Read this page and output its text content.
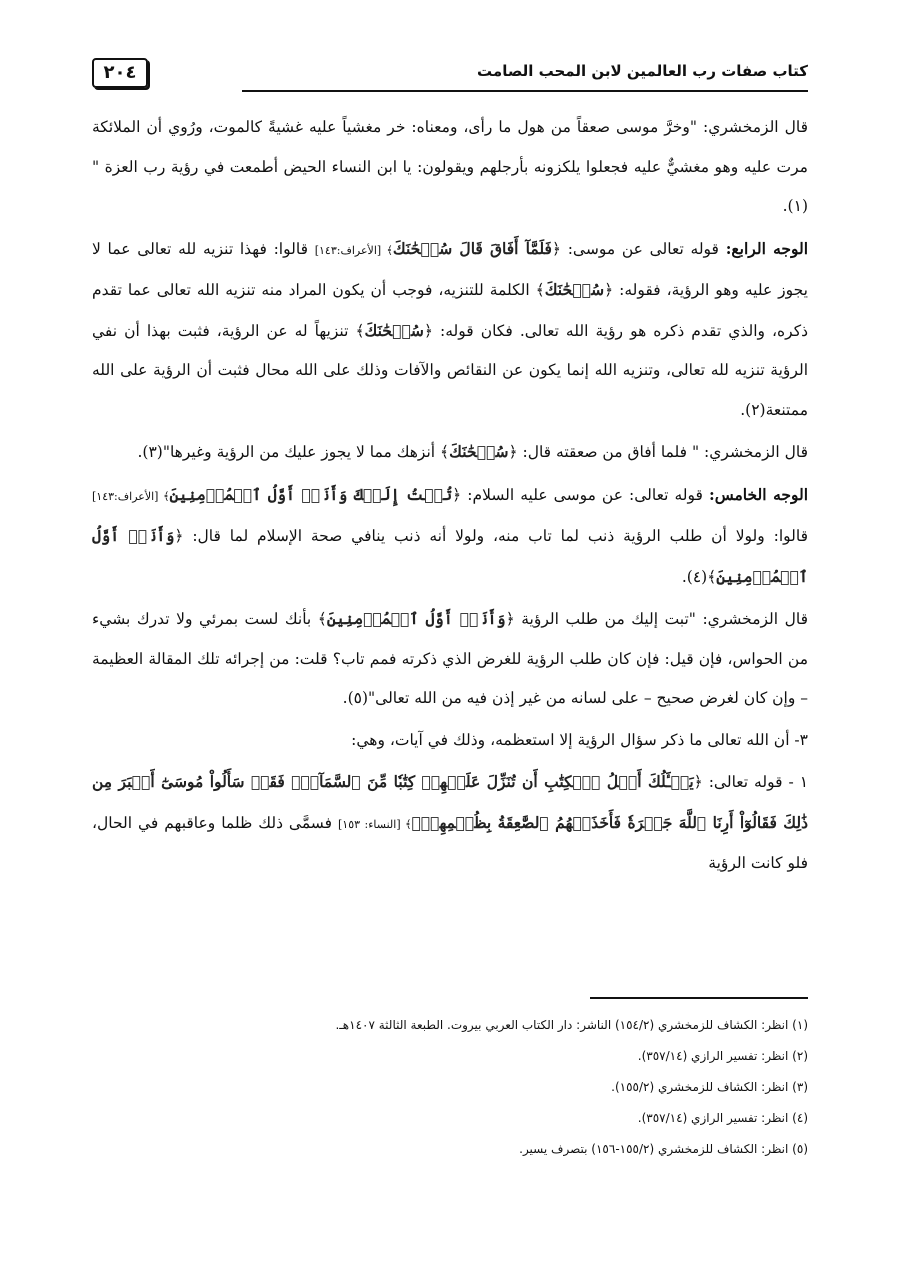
كتاب صفات رب العالمين لابن المحب الصامت
٢٠٤

قال الزمخشري: "وخرَّ موسى صعقاً من هول ما رأى، ومعناه: خر مغشياً عليه غشيةً كالموت، ورُوي أن الملائكة مرت عليه وهو مغشيٌّ عليه فجعلوا يلكزونه بأرجلهم ويقولون: يا ابن النساء الحيض أطمعت في رؤية رب العزة "(١).

الوجه الرابع: قوله تعالى عن موسى: ﴿فَلَمَّآ أَفَاقَ قَالَ سُبۡحَٰنَكَ﴾ [الأعراف:١٤٣] قالوا: فهذا تنزيه لله تعالى عما لا يجوز عليه وهو الرؤية، فقوله: ﴿سُبۡحَٰنَكَ﴾ الكلمة للتنزيه، فوجب أن يكون المراد منه تنزيه الله تعالى عما تقدم ذكره، والذي تقدم ذكره هو رؤية الله تعالى. فكان قوله: ﴿سُبۡحَٰنَكَ﴾ تنزيهاً له عن الرؤية، فثبت بهذا أن نفي الرؤية تنزيه لله تعالى، وتنزيه الله إنما يكون عن النقائص والآفات وذلك على الله محال فثبت أن الرؤية على الله ممتنعة(٢).

قال الزمخشري: " فلما أفاق من صعقته قال: ﴿سُبۡحَٰنَكَ﴾ أنزهك مما لا يجوز عليك من الرؤية وغيرها"(٣).

الوجه الخامس: قوله تعالى: عن موسى عليه السلام: ﴿تُبۡتُ إِلَيۡكَ وَأَنَا۠ أَوَّلُ ٱلۡمُؤۡمِنِينَ﴾ [الأعراف:١٤٣] قالوا: ولولا أن طلب الرؤية ذنب لما تاب منه، ولولا أنه ذنب ينافي صحة الإسلام لما قال: ﴿وَأَنَا۠ أَوَّلُ ٱلۡمُؤۡمِنِينَ﴾(٤).

قال الزمخشري: "تبت إليك من طلب الرؤية ﴿وَأَنَا۠ أَوَّلُ ٱلۡمُؤۡمِنِينَ﴾ بأنك لست بمرئي ولا تدرك بشيء من الحواس، فإن قيل: فإن كان طلب الرؤية للغرض الذي ذكرته فمم تاب؟ قلت: من إجرائه تلك المقالة العظيمة – وإن كان لغرض صحيح – على لسانه من غير إذن فيه من الله تعالى"(٥).

٣- أن الله تعالى ما ذكر سؤال الرؤية إلا استعظمه، وذلك في آيات، وهي:

١ - قوله تعالى: ﴿يَسۡـَٔلُكَ أَهۡلُ ٱلۡكِتَٰبِ أَن تُنَزِّلَ عَلَيۡهِمۡ كِتَٰبٗا مِّنَ ٱلسَّمَآءِۚ فَقَدۡ سَأَلُواْ مُوسَىٰٓ أَكۡبَرَ مِن ذَٰلِكَ فَقَالُوٓاْ أَرِنَا ٱللَّهَ جَهۡرَةٗ فَأَخَذَتۡهُمُ ٱلصَّٰعِقَةُ بِظُلۡمِهِمۡۚ﴾ [النساء: ١٥٣] فسمَّى ذلك ظلما وعاقبهم في الحال، فلو كانت الرؤية

(١) انظر: الكشاف للزمخشري (١٥٤/٢) الناشر: دار الكتاب العربي بيروت. الطبعة الثالثة ١٤٠٧هـ.
(٢) انظر: تفسير الرازي (٣٥٧/١٤).
(٣) انظر: الكشاف للزمخشري (١٥٥/٢).
(٤) انظر: تفسير الرازي (٣٥٧/١٤).
(٥) انظر: الكشاف للزمخشري (١٥٥/٢-١٥٦) بتصرف يسير.
